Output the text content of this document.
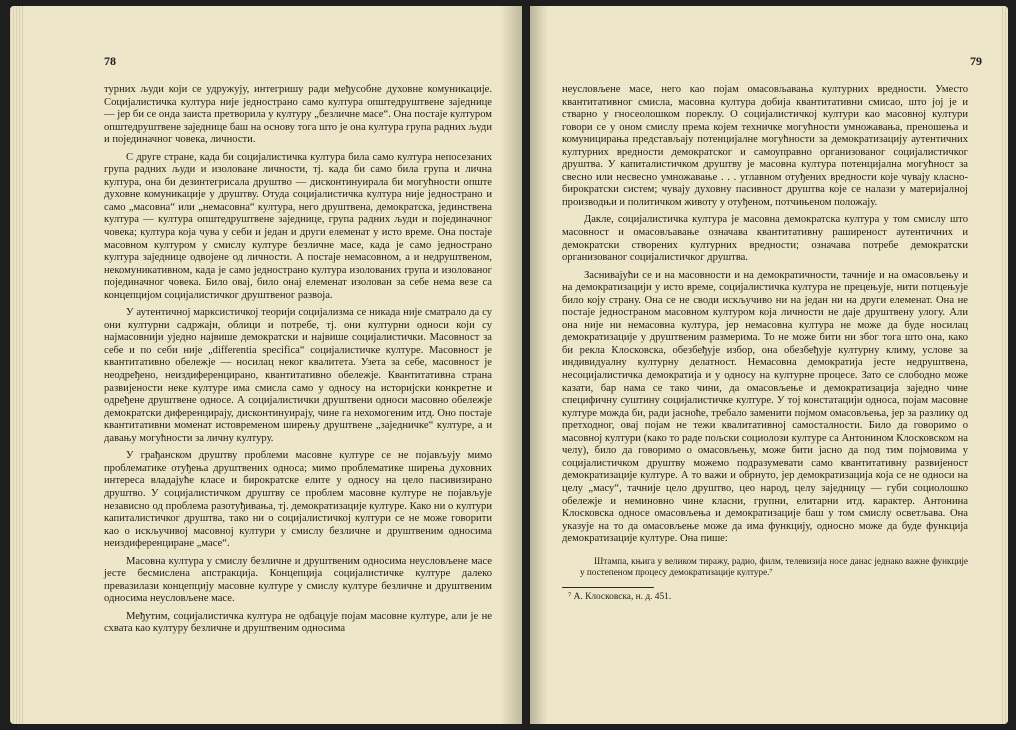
78

турних људи који се удружују, интегришу ради међусобне духовне комуникације. Социјалистичка култура није једнострано само култура општедруштвене заједнице — јер би се онда заиста претворила у културу „безличне масе“. Она постаје културом општедруштвене заједнице баш на основу тога што је она култура група радних људи и појединачног човека, личности.

С друге стране, када би социјалистичка култура била само култура непосезаних група радних људи и изоловане личности, тј. када би само била група и лична култура, она би дезинтегрисала друштво — дисконтинуирала би могућности опште духовне комуникације у друштву. Отуда социјалистичка култура није једнострано и само „масовна“ или „немасовна“ култура, него друштвена, демократска, јединствена култура — култура општедруштвене заједнице, група радних људи и појединачног човека; култура која чува у себи и један и други елеменат у исто време. Она постаје масовном културом у смислу културе безличне масе, када је само једнострано култура заједнице одвојене од личности. А постаје немасовном, а и недруштвеном, некомуникативном, када је само једнострано култура изолованих група и изолованог појединачног човека. Било овај, било онај елеменат изолован за себе нема везе са концепцијом социјалистичког друштвеног развоја.

У аутентичној марксистичкој теорији социјализма се никада није сматрало да су они културни садржаји, облици и потребе, тј. они културни односи који су најмасовнији уједно највише демократски и највише социјалистички. Масовност за себе и по себи није „differentia specifica“ социјалистичке културе. Масовност је квантитативно обележје — носилац неког квалитета. Узета за себе, масовност је неодређено, неиздиференцирано, квантитативно обележје. Квантитативна страна развијености неке културе има смисла само у односу на историјски конкретне и одређене друштвене односе. А социјалистички друштвени односи масовно обележје демократски диференцирају, дисконтинуирају, чине га нехомогеним итд. Оно постаје квантитативни моменат истовременом ширењу друштвене „заједничке“ културе, а и давању могућности за личну културу.

У грађанском друштву проблеми масовне културе се не појављују мимо проблематике отуђења друштвених односа; мимо проблематике ширења духовних интереса владајуће класе и бирократске елите у односу на цело пасивизирано друштво. У социјалистичком друштву се проблем масовне културе не појављује независно од проблема разотуђивања, тј. демократизације културе. Како ни о култури капиталистичког друштва, тако ни о социјалистичкој култури се не може говорити као о искључивој масовној култури у смислу безличне и друштвеним односима неиздиференциране „масе“.

Масовна култура у смислу безличне и друштвеним односима неусловљене масе јесте бесмислена апстракција. Концепција социјалистичке културе далеко превазилази концепцију масовне културе у смислу културе безличне и друштвеним односима неусловљене масе.

Међутим, социјалистичка култура не одбацује појам масовне културе, али је не схвата као културу безличне и друштвеним односима

79

неусловљене масе, него као појам омасовљавања културних вредности. Уместо квантитативног смисла, масовна култура добија квантитативни смисао, што јој је и стварно у гносеолошком пореклу. О социјалистичкој култури као масовној култури говори се у оном смислу према којем техничке могућности умножавања, преношења и комуницирања представљају потенцијалне могућности за демократизацију аутентичних културних вредности демократског и самоуправно организованог социјалистичког друштва. У капиталистичком друштву је масовна култура потенцијална могућност за свесно или несвесно умножавање . . . углавном отуђених вредности које чувају класно-бирократски систем; чувају духовну пасивност друштва које се налази у материјалној производњи и политичком животу у отуђеном, потчињеном положају.

Дакле, социјалистичка култура је масовна демократска култура у том смислу што масовност и омасовљавање означава квантитативну раширеност аутентичних и демократски створених културних вредности; означава потребе демократски организованог социјалистичког друштва.

Заснивајући се и на масовности и на демократичности, тачније и на омасовљењу и на демократизацији у исто време, социјалистичка култура не прецењује, нити потцењује било коју страну. Она се не своди искључиво ни на један ни на други елеменат. Она не постаје једностраном масовном културом која личности не даје друштвену улогу. Али она није ни немасовна култура, јер немасовна култура не може да буде носилац демократизације у друштвеним размерима. То не може бити ни због тога што она, како би рекла Клосковска, обезбеђује избор, она обезбеђује културну климу, услове за индивидуалну културну делатност. Немасовна демократија јесте недруштвена, несоцијалистичка демократија и у односу на културне процесе. Зато се слободно може казати, бар нама се тако чини, да омасовљење и демократизација заједно чине специфичну суштину социјалистичке културе. У тој констатацији односа, појам масовне културе можда би, ради јасноће, требало заменити појмом омасовљења, јер за разлику од претходног, овај појам не тежи квалитативној самосталности. Било да говоримо о масовној култури (како то раде пољски социолози културе са Антонином Клосковском на челу), било да говоримо о омасовљењу, може бити јасно да под тим појмовима у социјалистичком друштву можемо подразумевати само квантитативну развијеност демократизације културе. А то важи и обрнуто, јер демократизација која се не односи на целу „масу“, тачније цело друштво, цео народ, целу заједницу — губи социолошко обележје и неминовно чине класни, групни, елитарни итд. карактер. Антонина Клосковска односе омасовљења и демократизације баш у том смислу осветљава. Она указује на то да омасовљење може да има функцију, односно може да буде функција демократизације културе. Она пише:

Штампа, књига у великом тиражу, радио, филм, телевизија носе данас једнако важне функције у постепеном процесу демократизације културе.⁷
⁷ А. Клосковска, н. д. 451.
